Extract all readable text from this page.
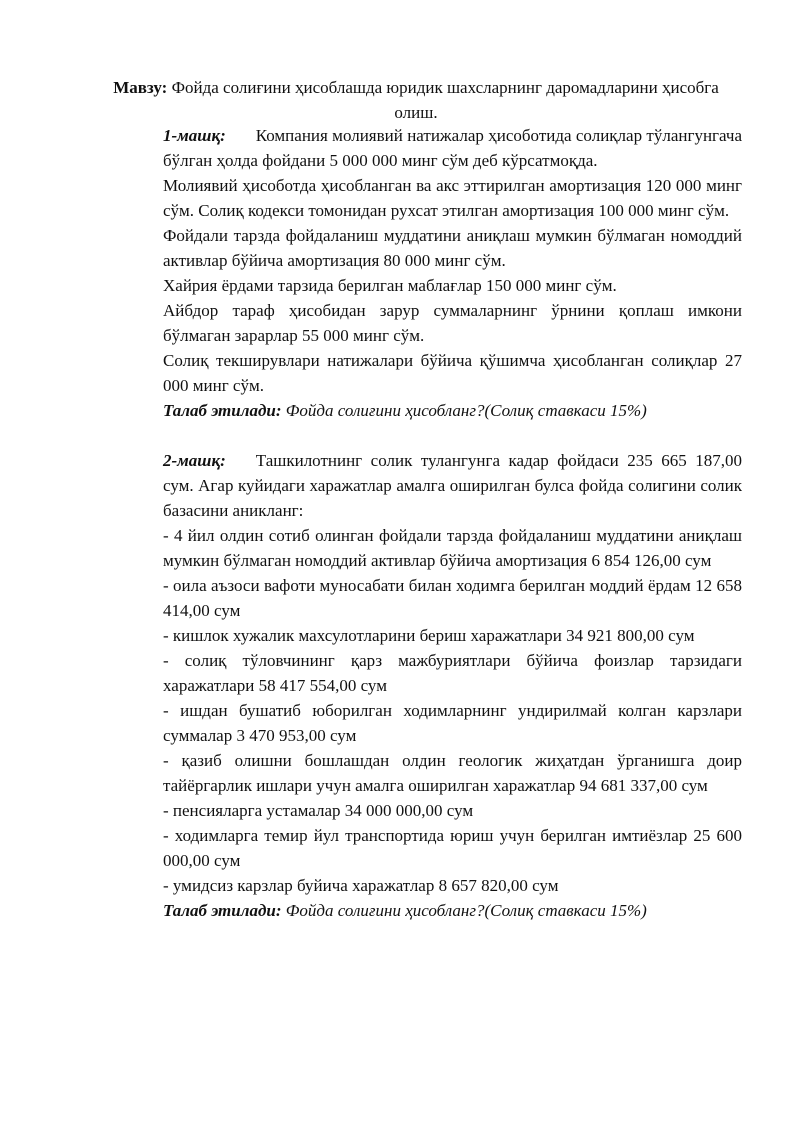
Мавзу: Фойда солиғини ҳисоблашда юридик шахсларнинг даромадларини ҳисобга олиш.

1-машқ: Компания молиявий натижалар ҳисоботида солиқлар тўлангунгача бўлган ҳолда фойдани 5 000 000 минг сўм деб кўрсатмоқда.

Молиявий ҳисоботда ҳисобланган ва акс эттирилган амортизация 120 000 минг сўм. Солиқ кодекси томонидан рухсат этилган амортизация 100 000 минг сўм.

Фойдали тарзда фойдаланиш муддатини аниқлаш мумкин бўлмаган номоддий активлар бўйича амортизация 80 000 минг сўм.

Хайрия ёрдами тарзида берилган маблағлар 150 000 минг сўм.

Айбдор тараф ҳисобидан зарур суммаларнинг ўрнини қоплаш имкони бўлмаган зарарлар 55 000 минг сўм.

Солиқ текширувлари натижалари бўйича қўшимча ҳисобланган солиқлар 27 000 минг сўм.

Талаб этилади: Фойда солиғини ҳисобланг?(Солиқ ставкаси 15%)

2-машқ: Ташкилотнинг солик тулангунга кадар фойдаси 235 665 187,00 сум. Агар куйидаги харажатлар амалга оширилган булса фойда солигини солик базасини аникланг:

- 4 йил олдин сотиб олинган фойдали тарзда фойдаланиш муддатини аниқлаш мумкин бўлмаган номоддий активлар бўйича амортизация 6 854 126,00 сум

- оила аъзоси вафоти муносабати билан ходимга берилган моддий ёрдам 12 658 414,00 сум

- кишлок хужалик махсулотларини бериш харажатлари 34 921 800,00 сум

- солиқ тўловчининг қарз мажбуриятлари бўйича фоизлар тарзидаги харажатлари 58 417 554,00 сум

- ишдан бушатиб юборилган ходимларнинг ундирилмай колган карзлари суммалар 3 470 953,00 сум

- қазиб олишни бошлашдан олдин геологик жиҳатдан ўрганишга доир тайёргарлик ишлари учун амалга оширилган харажатлар 94 681 337,00 сум

- пенсияларга устамалар 34 000 000,00 сум

- ходимларга темир йул транспортида юриш учун берилган имтиёзлар 25 600 000,00 сум

- умидсиз карзлар буйича харажатлар 8 657 820,00 сум

Талаб этилади: Фойда солиғини ҳисобланг?(Солиқ ставкаси 15%)
